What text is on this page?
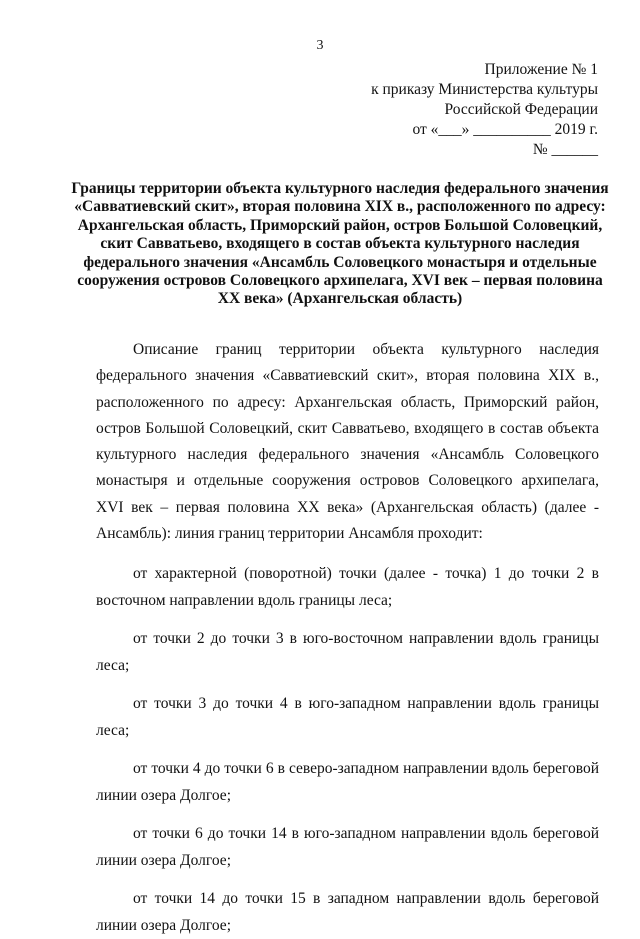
3
Приложение № 1
к приказу Министерства культуры
Российской Федерации
от «___» __________ 2019 г.
№ ______
Границы территории объекта культурного наследия федерального значения «Савватиевский скит», вторая половина XIX в., расположенного по адресу: Архангельская область, Приморский район, остров Большой Соловецкий, скит Савватьево, входящего в состав объекта культурного наследия федерального значения «Ансамбль Соловецкого монастыря и отдельные сооружения островов Соловецкого архипелага, XVI век – первая половина XX века» (Архангельская область)

Описание границ территории объекта культурного наследия федерального значения «Савватиевский скит», вторая половина XIX в., расположенного по адресу: Архангельская область, Приморский район, остров Большой Соловецкий, скит Савватьево, входящего в состав объекта культурного наследия федерального значения «Ансамбль Соловецкого монастыря и отдельные сооружения островов Соловецкого архипелага, XVI век – первая половина XX века» (Архангельская область) (далее - Ансамбль): линия границ территории Ансамбля проходит:

от характерной (поворотной) точки (далее - точка) 1 до точки 2 в восточном направлении вдоль границы леса;

от точки 2 до точки 3 в юго-восточном направлении вдоль границы леса;

от точки 3 до точки 4 в юго-западном направлении вдоль границы леса;

от точки 4 до точки 6 в северо-западном направлении вдоль береговой линии озера Долгое;

от точки 6 до точки 14 в юго-западном направлении вдоль береговой линии озера Долгое;

от точки 14 до точки 15 в западном направлении вдоль береговой линии озера Долгое;
